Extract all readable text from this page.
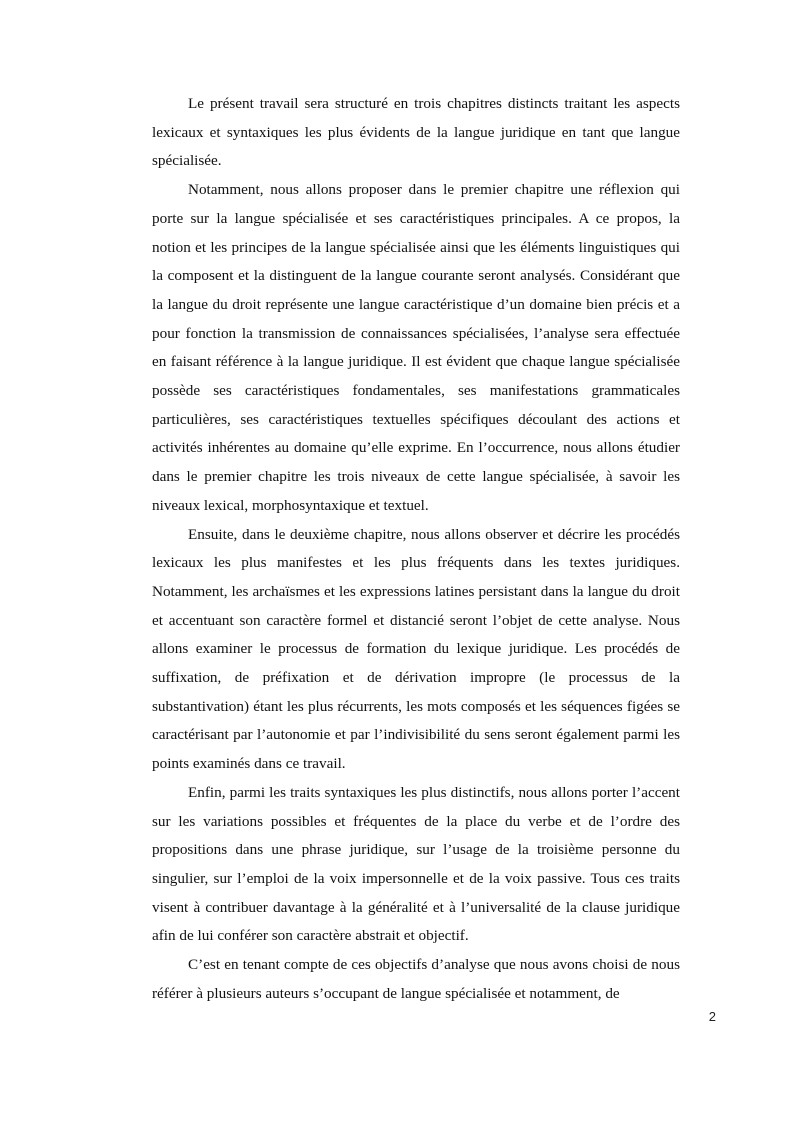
Le présent travail sera structuré en trois chapitres distincts traitant les aspects lexicaux et syntaxiques les plus évidents de la langue juridique en tant que langue spécialisée.

Notamment, nous allons proposer dans le premier chapitre une réflexion qui porte sur la langue spécialisée et ses caractéristiques principales. A ce propos, la notion et les principes de la langue spécialisée ainsi que les éléments linguistiques qui la composent et la distinguent de la langue courante seront analysés. Considérant que la langue du droit représente une langue caractéristique d’un domaine bien précis et a pour fonction la transmission de connaissances spécialisées, l’analyse sera effectuée en faisant référence à la langue juridique. Il est évident que chaque langue spécialisée possède ses caractéristiques fondamentales, ses manifestations grammaticales particulières, ses caractéristiques textuelles spécifiques découlant des actions et activités inhérentes au domaine qu’elle exprime. En l’occurrence, nous allons étudier dans le premier chapitre les trois niveaux de cette langue spécialisée, à savoir les niveaux lexical, morphosyntaxique et textuel.

Ensuite, dans le deuxième chapitre, nous allons observer et décrire les procédés lexicaux les plus manifestes et les plus fréquents dans les textes juridiques. Notamment, les archaïsmes et les expressions latines persistant dans la langue du droit et accentuant son caractère formel et distancié seront l’objet de cette analyse. Nous allons examiner le processus de formation du lexique juridique. Les procédés de suffixation, de préfixation et de dérivation impropre (le processus de la substantivation) étant les plus récurrents, les mots composés et les séquences figées se caractérisant par l’autonomie et par l’indivisibilité du sens seront également parmi les points examinés dans ce travail.

Enfin, parmi les traits syntaxiques les plus distinctifs, nous allons porter l’accent sur les variations possibles et fréquentes de la place du verbe et de l’ordre des propositions dans une phrase juridique, sur l’usage de la troisième personne du singulier, sur l’emploi de la voix impersonnelle et de la voix passive. Tous ces traits visent à contribuer davantage à la généralité et à l’universalité de la clause juridique afin de lui conférer son caractère abstrait et objectif.

C’est en tenant compte de ces objectifs d’analyse que nous avons choisi de nous référer à plusieurs auteurs s’occupant de langue spécialisée et notamment, de

2
